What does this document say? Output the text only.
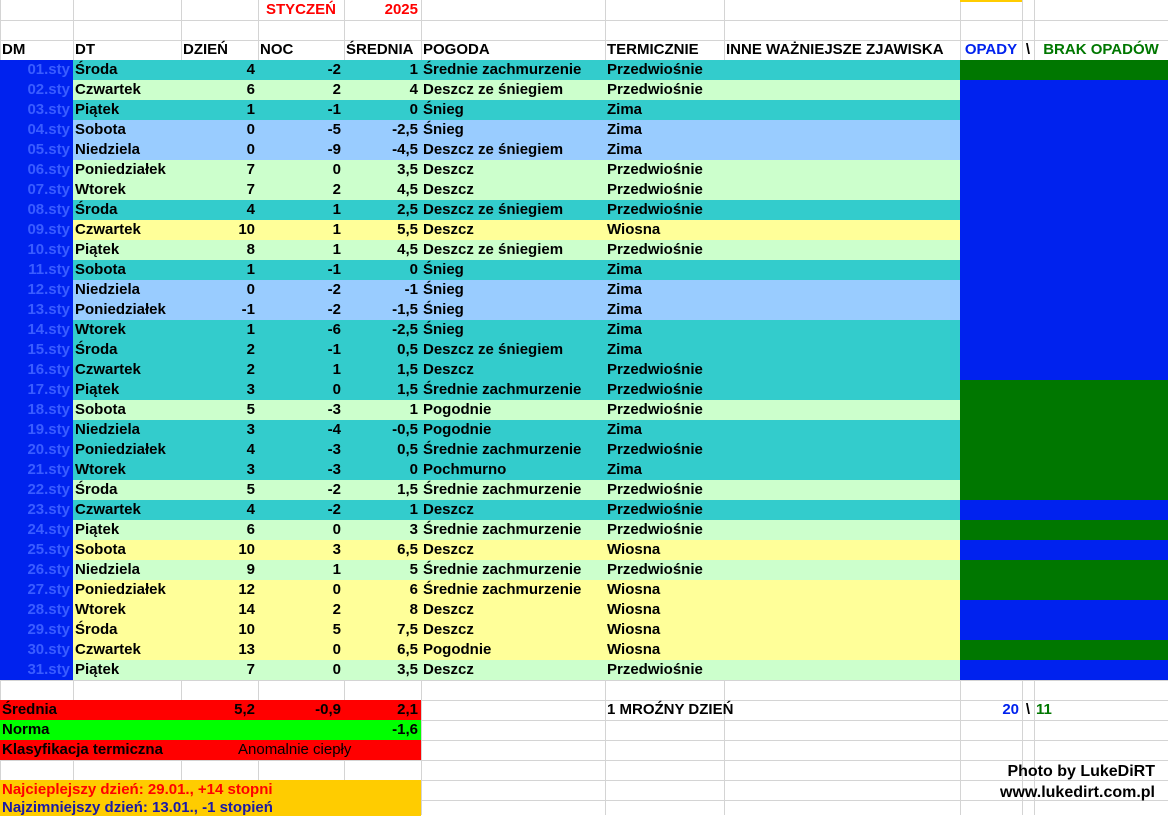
STYCZEŃ	2025
DM	DT	DZIEŃ	NOC	ŚREDNIA POGODA	TERMICZNIE	INNE WAŻNIEJSZE ZJAWISKA	OPADY \ BRAK OPADÓW
01.sty Środa	4	-2	1 Średnie zachmurzenie	Przedwiośnie
02.sty Czwartek	6	2	4 Deszcz ze śniegiem	Przedwiośnie
03.sty Piątek	1	-1	0 Śnieg	Zima
04.sty Sobota	0	-5	-2,5 Śnieg	Zima
05.sty Niedziela	0	-9	-4,5 Deszcz ze śniegiem	Zima
06.sty Poniedziałek	7	0	3,5 Deszcz	Przedwiośnie
07.sty Wtorek	7	2	4,5 Deszcz	Przedwiośnie
08.sty Środa	4	1	2,5 Deszcz ze śniegiem	Przedwiośnie
09.sty Czwartek	10	1	5,5 Deszcz	Wiosna
10.sty Piątek	8	1	4,5 Deszcz ze śniegiem	Przedwiośnie
11.sty Sobota	1	-1	0 Śnieg	Zima
12.sty Niedziela	0	-2	-1 Śnieg	Zima
13.sty Poniedziałek	-1	-2	-1,5 Śnieg	Zima
14.sty Wtorek	1	-6	-2,5 Śnieg	Zima
15.sty Środa	2	-1	0,5 Deszcz ze śniegiem	Zima
16.sty Czwartek	2	1	1,5 Deszcz	Przedwiośnie
17.sty Piątek	3	0	1,5 Średnie zachmurzenie	Przedwiośnie
18.sty Sobota	5	-3	1 Pogodnie	Przedwiośnie
19.sty Niedziela	3	-4	-0,5 Pogodnie	Zima
20.sty Poniedziałek	4	-3	0,5 Średnie zachmurzenie	Przedwiośnie
21.sty Wtorek	3	-3	0 Pochmurno	Zima
22.sty Środa	5	-2	1,5 Średnie zachmurzenie	Przedwiośnie
23.sty Czwartek	4	-2	1 Deszcz	Przedwiośnie
24.sty Piątek	6	0	3 Średnie zachmurzenie	Przedwiośnie
25.sty Sobota	10	3	6,5 Deszcz	Wiosna
26.sty Niedziela	9	1	5 Średnie zachmurzenie	Przedwiośnie
27.sty Poniedziałek	12	0	6 Średnie zachmurzenie	Wiosna
28.sty Wtorek	14	2	8 Deszcz	Wiosna
29.sty Środa	10	5	7,5 Deszcz	Wiosna
30.sty Czwartek	13	0	6,5 Pogodnie	Wiosna
31.sty Piątek	7	0	3,5 Deszcz	Przedwiośnie
Średnia	5,2	-0,9	2,1	1 MROŹNY DZIEŃ	20 \ 11
Norma	-1,6
Anomalnie ciepły
Klasyfikacja termiczna
Najcieplejszy dzień: 29.01., +14 stopni
Najzimniejszy dzień: 13.01., -1 stopień
Photo by LukeDiRT
www.lukedirt.com.pl
